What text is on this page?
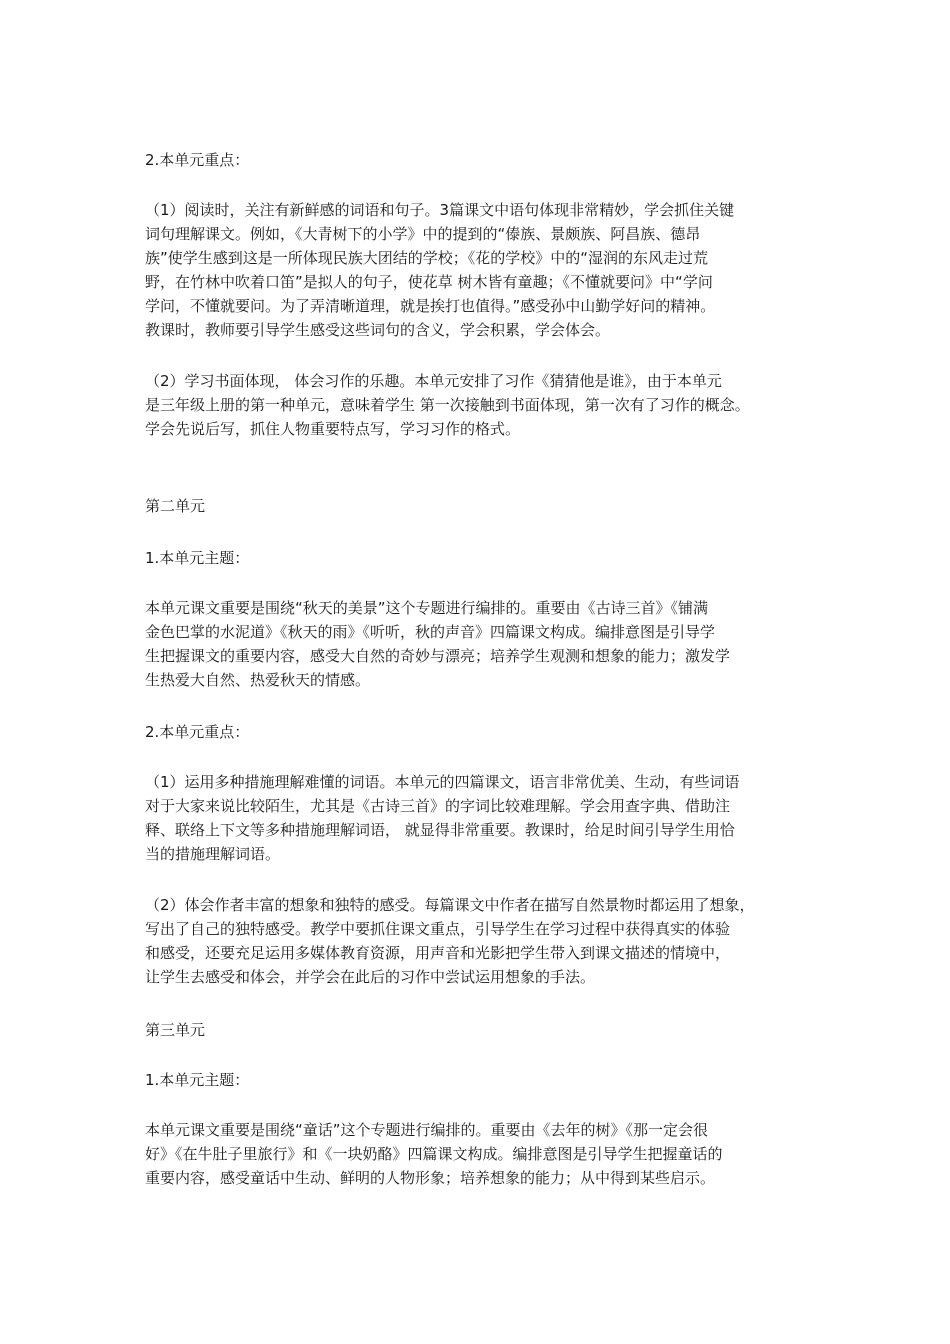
2.本单元重点：

（1）阅读时，关注有新鲜感的词语和句子。3篇课文中语句体现非常精妙，学会抓住关键
词句理解课文。例如，《大青树下的小学》中的提到的“傣族、景颇族、阿昌族、德昂
族”使学生感到这是一所体现民族大团结的学校；《花的学校》中的“湿润的东风走过荒
野，在竹林中吹着口笛”是拟人的句子，使花草 树木皆有童趣；《不懂就要问》中“学问
学问，不懂就要问。为了弄清晰道理，就是挨打也值得。”感受孙中山勤学好问的精神。
教课时，教师要引导学生感受这些词句的含义，学会积累，学会体会。

（2）学习书面体现， 体会习作的乐趣。本单元安排了习作《猜猜他是谁》，由于本单元
是三年级上册的第一种单元，意味着学生 第一次接触到书面体现，第一次有了习作的概念。
学会先说后写，抓住人物重要特点写，学习习作的格式。

第二单元

1.本单元主题：

本单元课文重要是围绕“秋天的美景”这个专题进行编排的。重要由《古诗三首》《铺满
金色巴掌的水泥道》《秋天的雨》《听听，秋的声音》四篇课文构成。编排意图是引导学
生把握课文的重要内容，感受大自然的奇妙与漂亮；培养学生观测和想象的能力；激发学
生热爱大自然、热爱秋天的情感。

2.本单元重点：

（1）运用多种措施理解难懂的词语。本单元的四篇课文，语言非常优美、生动，有些词语
对于大家来说比较陌生，尤其是《古诗三首》的字词比较难理解。学会用查字典、借助注
释、联络上下文等多种措施理解词语， 就显得非常重要。教课时，给足时间引导学生用恰
当的措施理解词语。

（2）体会作者丰富的想象和独特的感受。每篇课文中作者在描写自然景物时都运用了想象，
写出了自己的独特感受。教学中要抓住课文重点，引导学生在学习过程中获得真实的体验
和感受，还要充足运用多媒体教育资源，用声音和光影把学生带入到课文描述的情境中，
让学生去感受和体会，并学会在此后的习作中尝试运用想象的手法。

第三单元

1.本单元主题：

本单元课文重要是围绕“童话”这个专题进行编排的。重要由《去年的树》《那一定会很
好》《在牛肚子里旅行》和《一块奶酪》四篇课文构成。编排意图是引导学生把握童话的
重要内容，感受童话中生动、鲜明的人物形象；培养想象的能力；从中得到某些启示。
